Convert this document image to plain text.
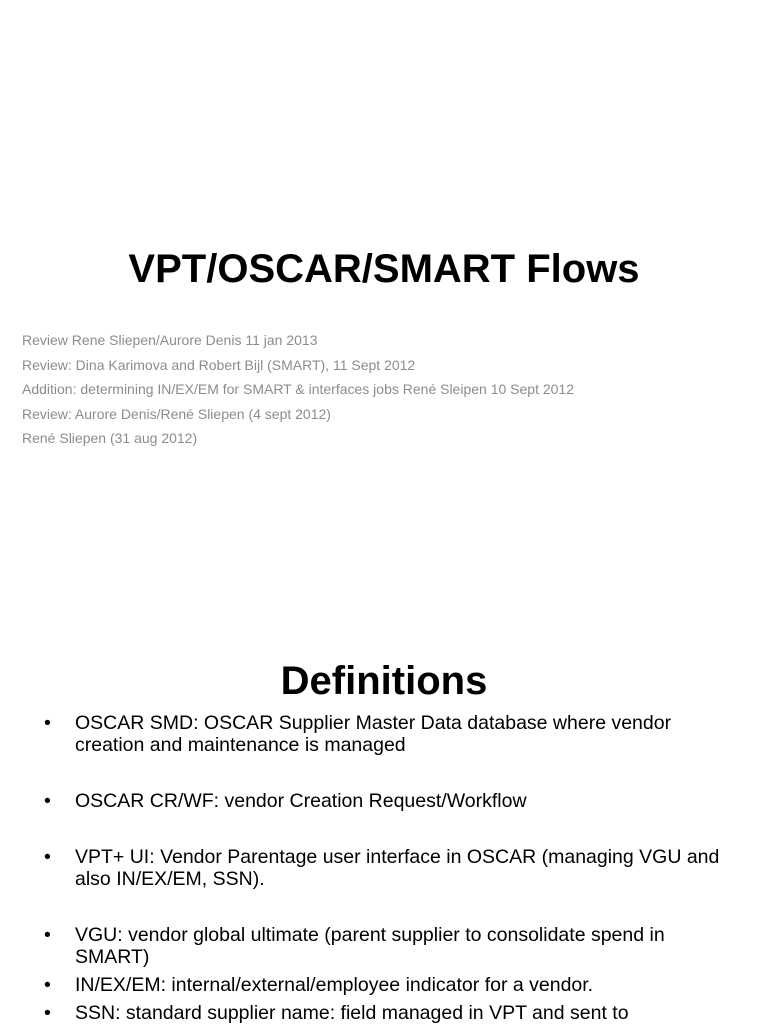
VPT/OSCAR/SMART Flows
Review Rene Sliepen/Aurore Denis 11 jan 2013
Review: Dina Karimova and Robert Bijl (SMART), 11 Sept 2012
Addition: determining IN/EX/EM for SMART & interfaces jobs René Sleipen 10 Sept 2012
Review: Aurore Denis/René Sliepen (4 sept 2012)
René Sliepen (31 aug 2012)
Definitions
•	OSCAR SMD: OSCAR Supplier Master Data database where vendor creation and maintenance is managed
•	OSCAR CR/WF: vendor Creation Request/Workflow
•	VPT+ UI: Vendor Parentage user interface in OSCAR (managing VGU and also IN/EX/EM, SSN).
•	VGU: vendor global ultimate (parent supplier to consolidate spend in SMART)
•	IN/EX/EM: internal/external/employee indicator for a vendor.
•	SSN: standard supplier name: field managed in VPT and sent to
